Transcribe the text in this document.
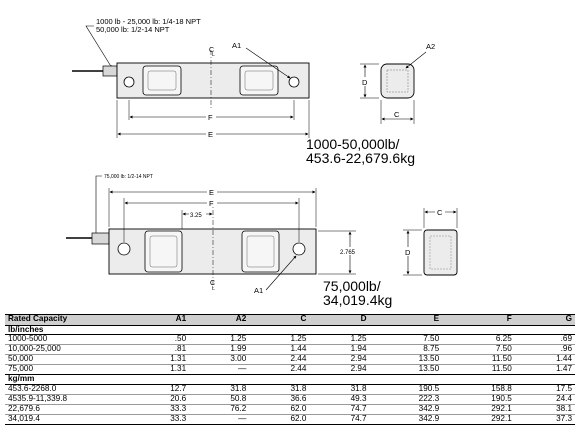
1000 lb - 25,000 lb: 1/4-18 NPT
50,000 lb: 1/2-14 NPT
C
L
A1
F
E
A2
D
C
1000-50,000lb/
453.6-22,679.6kg
75,000 lb: 1/2-14 NPT
C
L
E
F
3.25
2.765
A1
C
D
75,000lb/
34,019.4kg
Rated Capacity	A1	A2	C	D	E	F	G
lb/inches							
1000-5000	.50	1.25	1.25	1.25	7.50	6.25	.69
10,000-25,000	.81	1.99	1.44	1.94	8.75	7.50	.96
50,000	1.31	3.00	2.44	2.94	13.50	11.50	1.44
75,000	1.31	—	2.44	2.94	13.50	11.50	1.47
kg/mm							
453.6-2268.0	12.7	31.8	31.8	31.8	190.5	158.8	17.5
4535.9-11,339.8	20.6	50.8	36.6	49.3	222.3	190.5	24.4
22,679.6	33.3	76.2	62.0	74.7	342.9	292.1	38.1
34,019.4	33.3	—	62.0	74.7	342.9	292.1	37.3
